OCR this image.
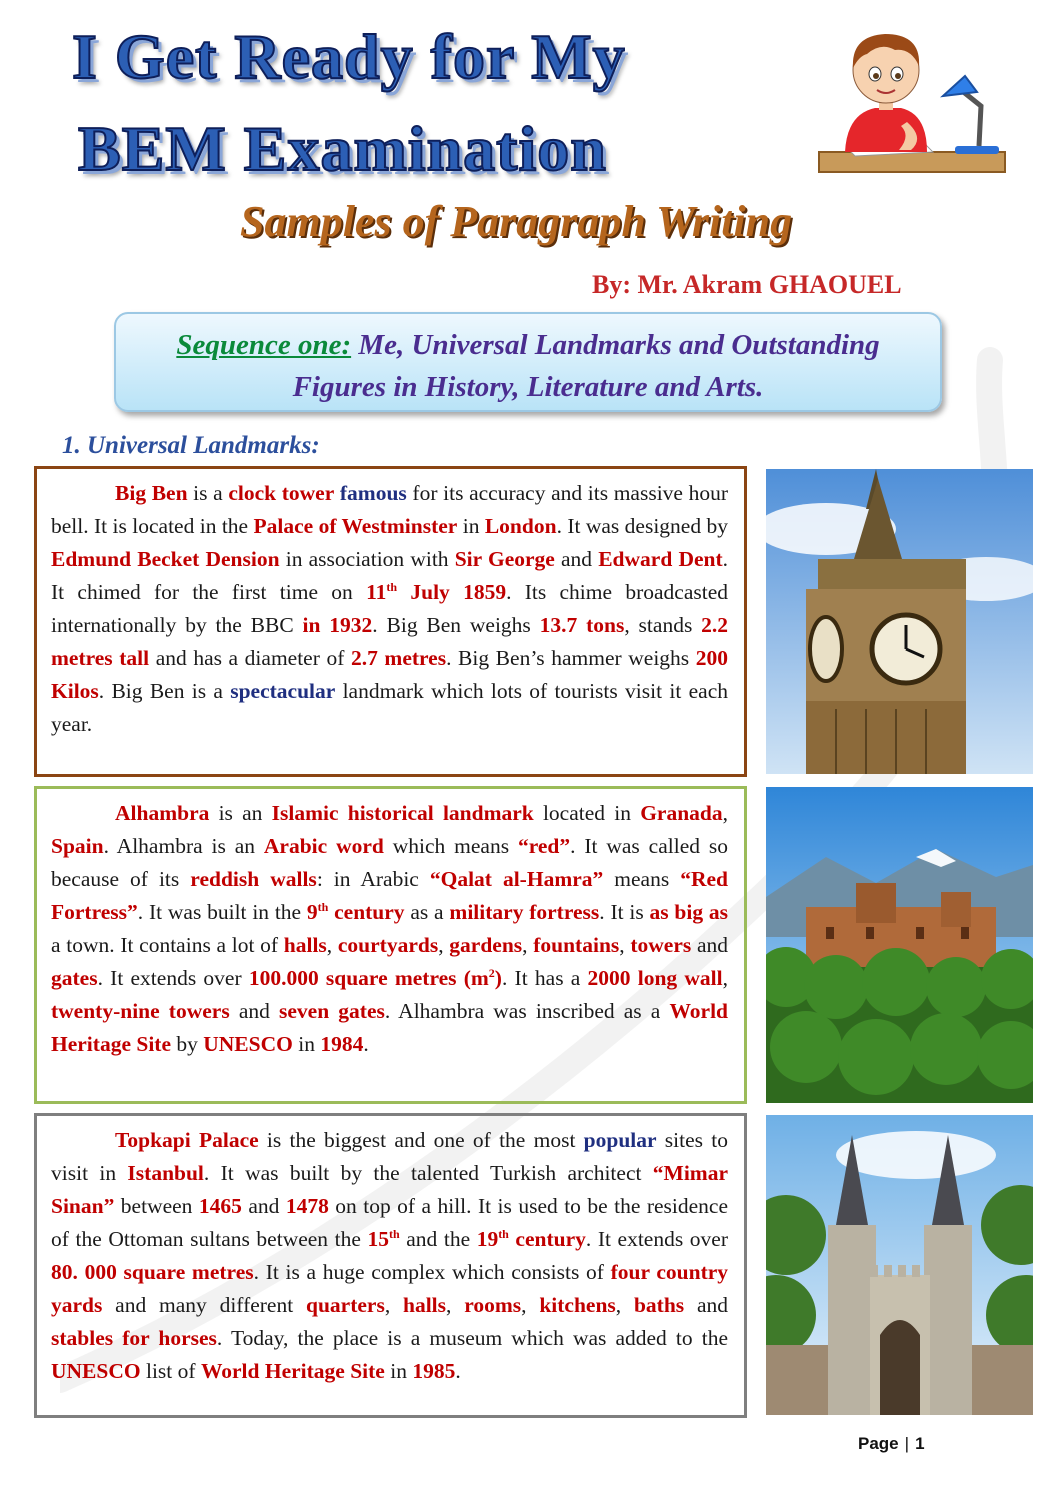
I Get Ready for My
BEM Examination
Samples of Paragraph Writing
By: Mr. Akram GHAOUEL
Sequence one: Me, Universal Landmarks and Outstanding
Figures in History, Literature and Arts.
1. Universal Landmarks:

Big Ben is a clock tower famous for its accuracy and its massive hour bell. It is located in the Palace of Westminster in London. It was designed by Edmund Becket Dension in association with Sir George and Edward Dent. It chimed for the first time on 11th July 1859. Its chime broadcasted internationally by the BBC in 1932. Big Ben weighs 13.7 tons, stands 2.2 metres tall and has a diameter of 2.7 metres. Big Ben’s hammer weighs 200 Kilos. Big Ben is a spectacular landmark which lots of tourists visit it each year.

Alhambra is an Islamic historical landmark located in Granada, Spain. Alhambra is an Arabic word which means “red”. It was called so because of its reddish walls: in Arabic “Qalat al-Hamra” means “Red Fortress”. It was built in the 9th century as a military fortress. It is as big as a town. It contains a lot of halls, courtyards, gardens, fountains, towers and gates. It extends over 100.000 square metres $(m^2)$. It has a 2000 long wall, twenty-nine towers and seven gates. Alhambra was inscribed as a World Heritage Site by UNESCO in 1984.

Topkapi Palace is the biggest and one of the most popular sites to visit in Istanbul. It was built by the talented Turkish architect “Mimar Sinan” between 1465 and 1478 on top of a hill. It is used to be the residence of the Ottoman sultans between the 15th and the 19th century. It extends over 80. 000 square metres. It is a huge complex which consists of four country yards and many different quarters, halls, rooms, kitchens, baths and stables for horses. Today, the place is a museum which was added to the UNESCO list of World Heritage Site in 1985.

Page | 1
